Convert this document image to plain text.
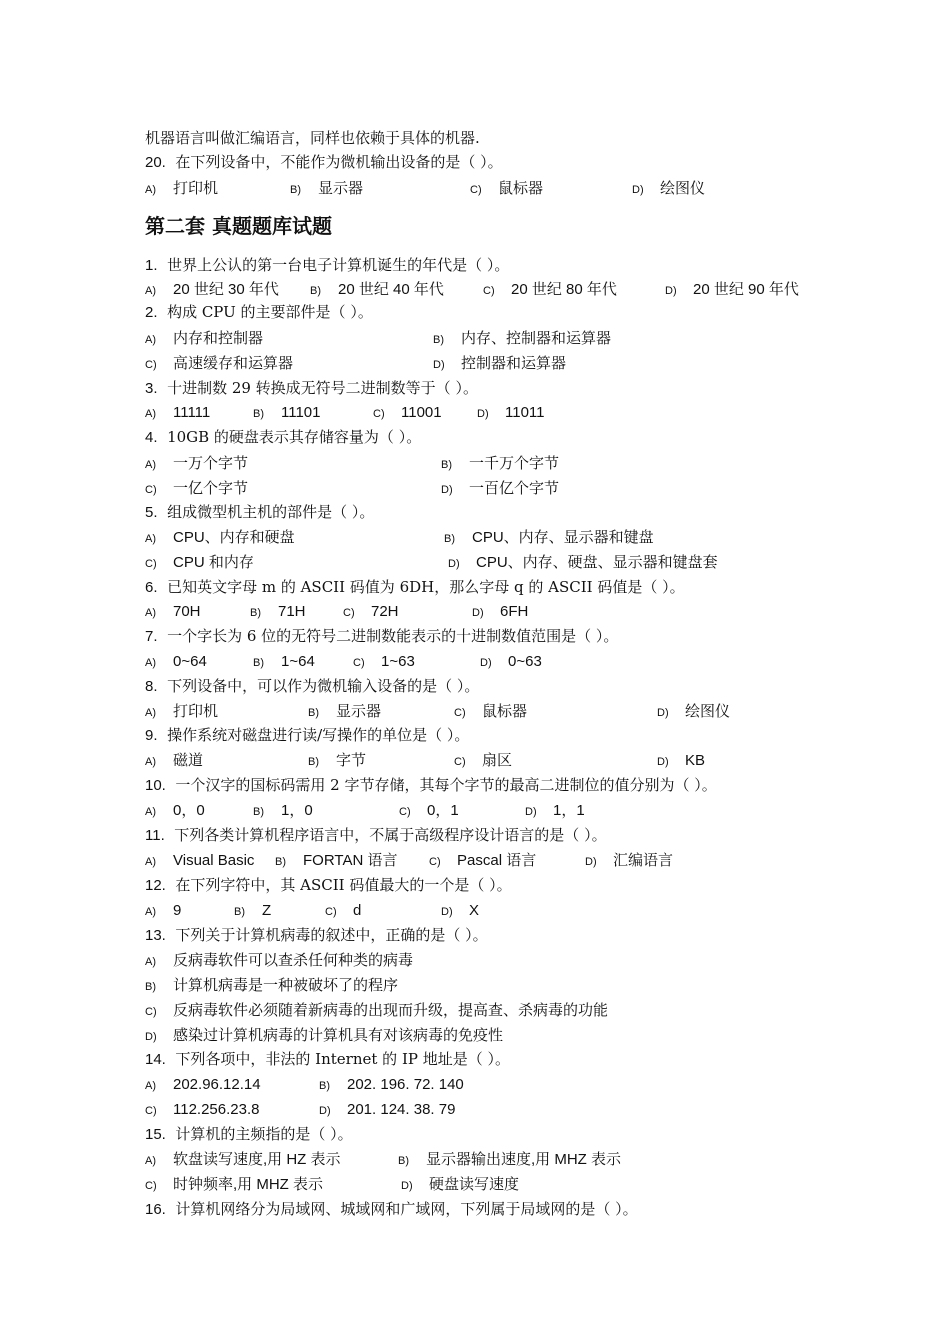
机器语言叫做汇编语言，同样也依赖于具体的机器.
20. 在下列设备中，不能作为微机输出设备的是（ ）。
A) 打印机	B) 显示器	C) 鼠标器	D) 绘图仪
第二套 真题题库试题
1. 世界上公认的第一台电子计算机诞生的年代是（ ）。
A) 20 世纪 30 年代	B) 20 世纪 40 年代	C) 20 世纪 80 年代	D) 20 世纪 90 年代
2. 构成 CPU 的主要部件是（ ）。
A) 内存和控制器	B) 内存、控制器和运算器
C) 高速缓存和运算器	D) 控制器和运算器
3. 十进制数 29 转换成无符号二进制数等于（ ）。
A) 11111	B) 11101	C) 11001	D) 11011
4. 10GB 的硬盘表示其存储容量为（ ）。
A) 一万个字节	B) 一千万个字节
C) 一亿个字节	D) 一百亿个字节
5. 组成微型机主机的部件是（ ）。
A) CPU、内存和硬盘	B) CPU、内存、显示器和键盘
C) CPU 和内存	D) CPU、内存、硬盘、显示器和键盘套
6. 已知英文字母 m 的 ASCII 码值为 6DH，那么字母 q 的 ASCII 码值是（ ）。
A) 70H	B) 71H	C) 72H	D) 6FH
7. 一个字长为 6 位的无符号二进制数能表示的十进制数值范围是（ ）。
A) 0~64	B) 1~64	C) 1~63	D) 0~63
8. 下列设备中，可以作为微机输入设备的是（ ）。
A) 打印机	B) 显示器	C) 鼠标器	D) 绘图仪
9. 操作系统对磁盘进行读/写操作的单位是（ ）。
A) 磁道	B) 字节	C) 扇区	D) KB
10. 一个汉字的国标码需用 2 字节存储，其每个字节的最高二进制位的值分别为（ ）。
A) 0，0	B) 1，0	C) 0，1	D) 1，1
11. 下列各类计算机程序语言中，不属于高级程序设计语言的是（ ）。
A) Visual Basic B) FORTAN 语言	C) Pascal 语言	D) 汇编语言
12. 在下列字符中，其 ASCII 码值最大的一个是（ ）。
A) 9	B) Z	C) d	D) X
13. 下列关于计算机病毒的叙述中，正确的是（ ）。
A) 反病毒软件可以查杀任何种类的病毒
B) 计算机病毒是一种被破坏了的程序
C) 反病毒软件必须随着新病毒的出现而升级，提高查、杀病毒的功能
D) 感染过计算机病毒的计算机具有对该病毒的免疫性
14. 下列各项中，非法的 Internet 的 IP 地址是（ ）。
A) 202.96.12.14	B) 202. 196. 72. 140
C) 112.256.23.8	D) 201. 124. 38. 79
15. 计算机的主频指的是（ ）。
A) 软盘读写速度,用 HZ 表示	B) 显示器输出速度,用 MHZ 表示
C) 时钟频率,用 MHZ 表示	D) 硬盘读写速度
16. 计算机网络分为局域网、城域网和广域网，下列属于局域网的是（ ）。
